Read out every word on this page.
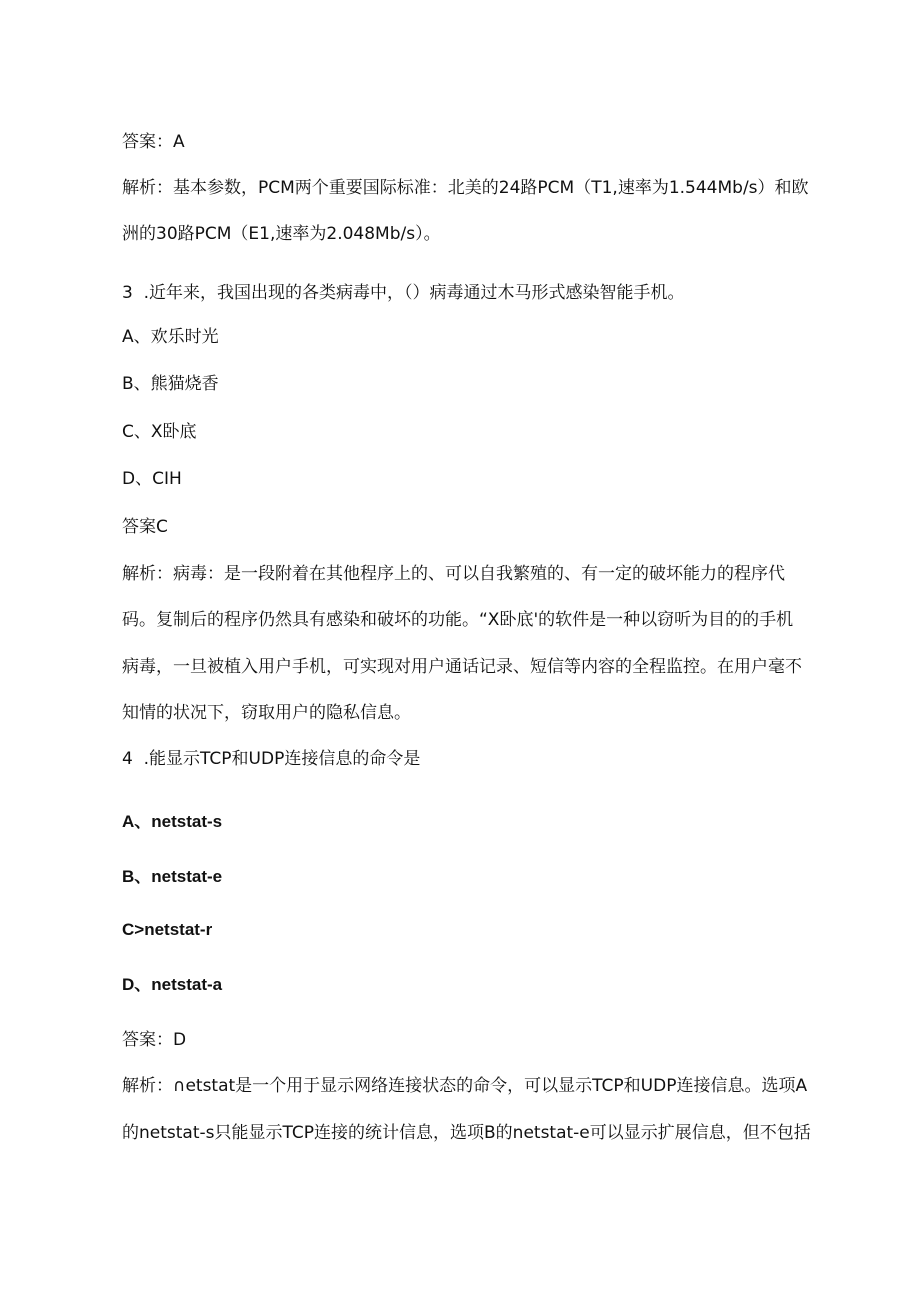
答案：A

解析：基本参数，PCM两个重要国际标准：北美的24路PCM（T1,速率为1.544Mb/s）和欧

洲的30路PCM（E1,速率为2.048Mb/s）。

3  .近年来，我国出现的各类病毒中，（）病毒通过木马形式感染智能手机。

A、欢乐时光

B、熊猫烧香

C、X卧底

D、CIH

答案C

解析：病毒：是一段附着在其他程序上的、可以自我繁殖的、有一定的破坏能力的程序代

码。复制后的程序仍然具有感染和破坏的功能。“X卧底'的软件是一种以窃听为目的的手机

病毒，一旦被植入用户手机，可实现对用户通话记录、短信等内容的全程监控。在用户毫不

知情的状况下，窃取用户的隐私信息。

4  .能显示TCP和UDP连接信息的命令是

A、netstat-s

B、netstat-e

C>netstat-r

D、netstat-a

答案：D

解析：∩etstat是一个用于显示网络连接状态的命令，可以显示TCP和UDP连接信息。选项A

的netstat-s只能显示TCP连接的统计信息，选项B的netstat-e可以显示扩展信息，但不包括
